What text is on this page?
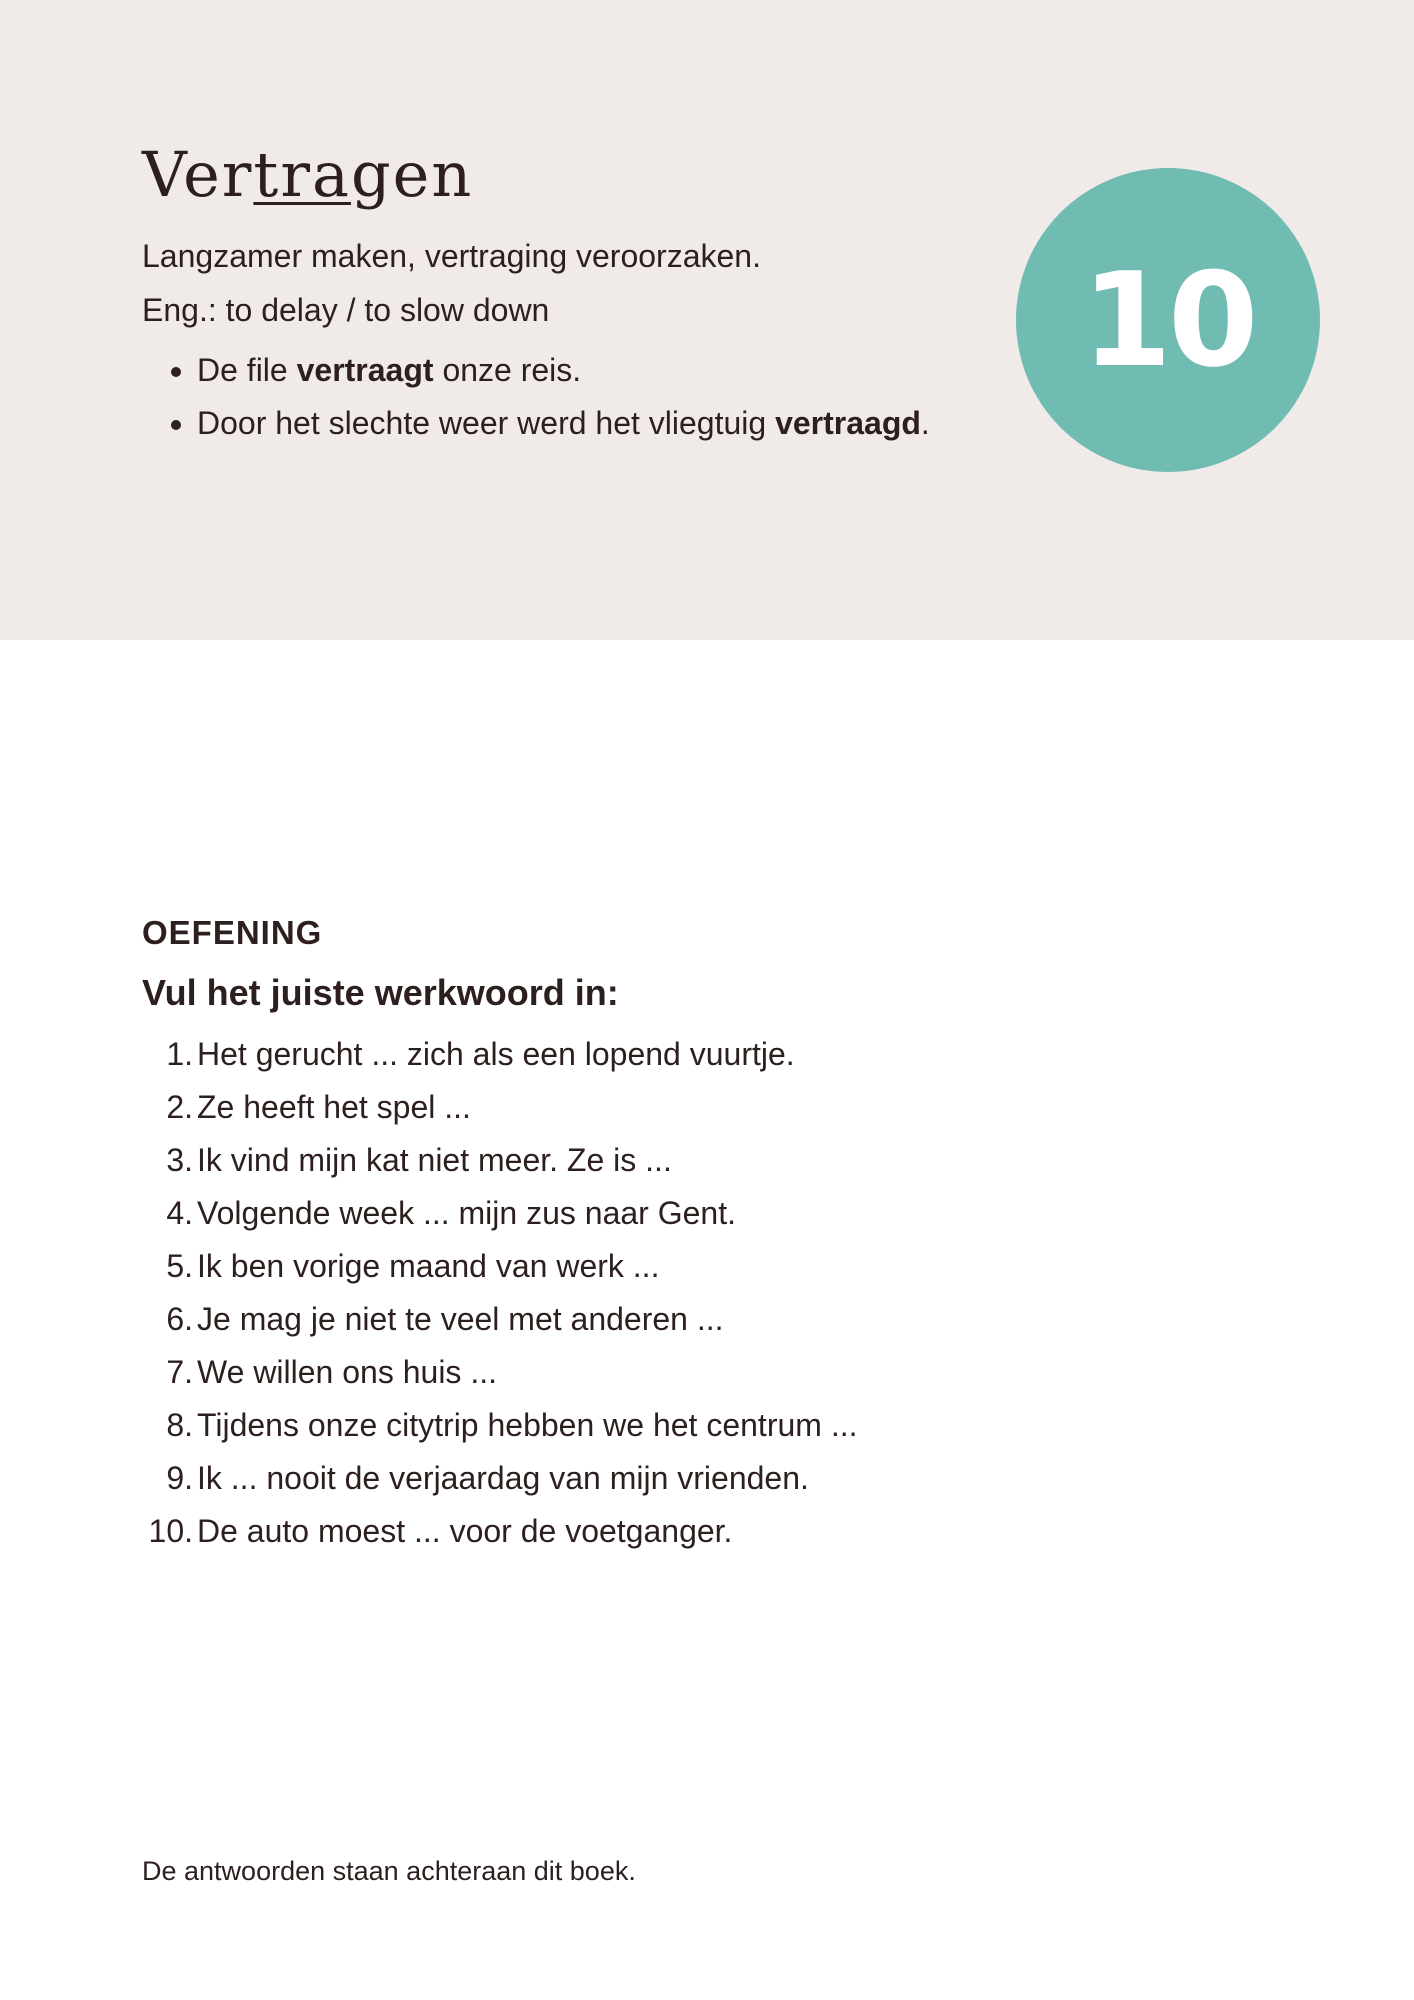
Vertragen

Langzamer maken, vertraging veroorzaken.

Eng.: to delay / to slow down

• De file vertraagt onze reis.
• Door het slechte weer werd het vliegtuig vertraagd.
10
OEFENING
Vul het juiste werkwoord in:
1. Het gerucht ... zich als een lopend vuurtje.
2. Ze heeft het spel ...
3. Ik vind mijn kat niet meer. Ze is ...
4. Volgende week ... mijn zus naar Gent.
5. Ik ben vorige maand van werk ...
6. Je mag je niet te veel met anderen ...
7. We willen ons huis ...
8. Tijdens onze citytrip hebben we het centrum ...
9. Ik ... nooit de verjaardag van mijn vrienden.
10. De auto moest ... voor de voetganger.

De antwoorden staan achteraan dit boek.
